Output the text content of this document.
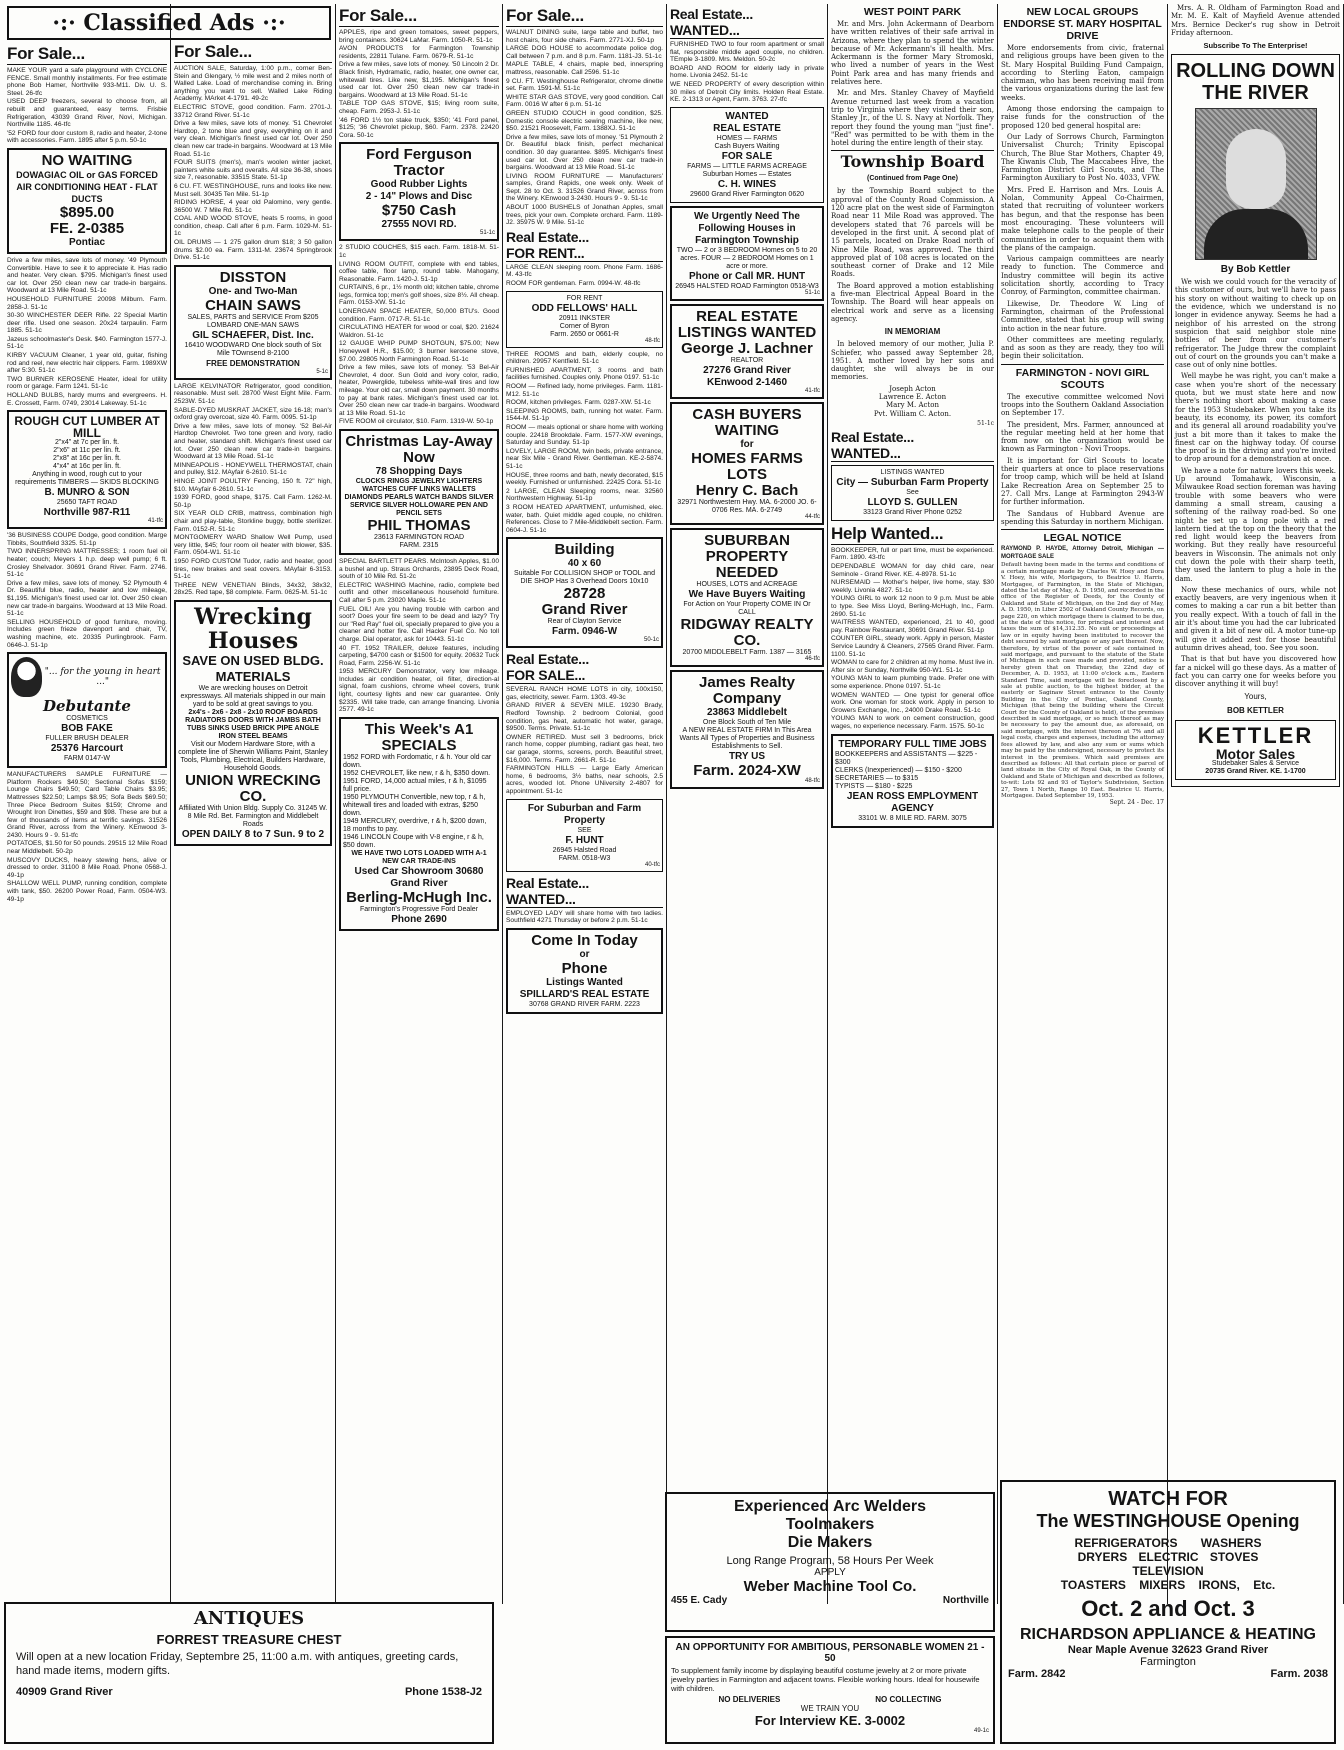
·:· Classified Ads ·:·
For Sale...

MAKE YOUR yard a safe playground with CYCLONE FENCE. Small monthly installments. For free estimate phone Bob Hamer, Northville 933-M11. Div. U. S. Steel. 26-tfc

USED DEEP freezers, several to choose from, all rebuilt and guaranteed, easy terms. Frisbie Refrigeration, 43039 Grand River, Novi, Michigan. Northville 1185. 46-tfc

'52 FORD four door custom 8, radio and heater, 2-tone with accessories. Farm. 1895 after 5 p.m. 50-1c

NO WAITING
DOWAGIAC OIL or GAS FORCED AIR CONDITIONING HEAT - FLAT DUCTS
$895.00
FE. 2-0385
Pontiac

Drive a few miles, save lots of money. '49 Plymouth Convertible. Have to see it to appreciate it. Has radio and heater. Very clean. $795. Michigan's finest used car lot. Over 250 clean new car trade-in bargains. Woodward at 13 Mile Road. 51-1c

HOUSEHOLD FURNITURE 20098 Milburn. Farm. 2858-J. 51-1c

30-30 WINCHESTER DEER Rifle. 22 Special Martin deer rifle. Used one season. 20x24 tarpaulin. Farm 1885. 51-1c

Jazeus schoolmaster's Desk. $40. Farmington 1577-J. 51-1c

KIRBY VACUUM Cleaner, 1 year old, guitar, fishing rod and reel, new electric hair clippers. Farm. 1989XW after 5:30. 51-1c

TWO BURNER KEROSENE Heater, ideal for utility room or garage. Farm 1241. 51-1c

HOLLAND BULBS, hardy mums and evergreens. H. E. Crossett, Farm. 0749, 23014 Lakeway. 51-1c

ROUGH CUT LUMBER AT MILL
2"x4" at 7c per lin. ft.
2"x6" at 11c per lin. ft.
2"x8" at 16c per lin. ft.
4"x4" at 16c per lin. ft.
Anything in wood, rough cut to your requirements TIMBERS — SKIDS BLOCKING
B. MUNRO & SON
25650 TAFT ROAD
Northville 987-R11
41-tfc

'36 BUSINESS COUPE Dodge, good condition. Marge Tibbits, Southfield 3325. 51-1p

TWO INNERSPRING MATTRESSES; 1 room fuel oil heater; couch; Meyers 1 h.p. deep well pump; 6 ft. Crosley Shelvador. 30691 Grand River. Farm. 2746. 51-1c

Drive a few miles, save lots of money. '52 Plymouth 4 Dr. Beautiful blue, radio, heater and low mileage, $1,195. Michigan's finest used car lot. Over 250 clean new car trade-in bargains. Woodward at 13 Mile Road. 51-1c

SELLING HOUSEHOLD of good furniture, moving. Includes green frieze davenport and chair, TV, washing machine, etc. 20335 Purlingbrook. Farm. 0646-J. 51-1p

"... for the young in heart ..."
Debutante
COSMETICS
BOB FAKE
FULLER BRUSH DEALER
25376 Harcourt
FARM 0147-W

MANUFACTURERS SAMPLE FURNITURE — Platform Rockers $49.50; Sectional Sofas $159; Lounge Chairs $49.50; Card Table Chairs $3.95; Mattresses $22.50; Lamps $8.95; Sofa Beds $69.50; Three Piece Bedroom Suites $159; Chrome and Wrought Iron Dinettes, $59 and $98. These are but a few of thousands of items at terrific savings. 31526 Grand River, across from the Winery. KEnwood 3-2430. Hours 9 - 9. 51-tfc

POTATOES, $1.50 for 50 pounds. 29515 12 Mile Road near Middlebelt. 50-2p

MUSCOVY DUCKS, heavy stewing hens, alive or dressed to order. 31100 8 Mile Road. Phone 0568-J. 49-1p

SHALLOW WELL PUMP, running condition, complete with tank, $50. 26200 Power Road, Farm. 0504-W3. 49-1p

For Sale...

AUCTION SALE, Saturday, 1:00 p.m., corner Ben-Stein and Glengary, ½ mile west and 2 miles north of Walled Lake. Load of merchandise coming in. Bring anything you want to sell. Walled Lake Riding Academy. MArket 4-1791. 49-2c

ELECTRIC STOVE, good condition. Farm. 2701-J. 33712 Grand River. 51-1c

Drive a few miles, save lots of money. '51 Chevrolet Hardtop, 2 tone blue and grey, everything on it and very clean. Michigan's finest used car lot. Over 250 clean new car trade-in bargains. Woodward at 13 Mile Road. 51-1c

FOUR SUITS (men's), man's woolen winter jacket, painters white suits and overalls. All size 36-38, shoes size 7, reasonable. 33515 State. 51-1p

6 CU. FT. WESTINGHOUSE, runs and looks like new. Must sell. 30435 Ten Mile. 51-1p

RIDING HORSE, 4 year old Palomino, very gentle. 36500 W. 7 Mile Rd. 51-1c

COAL AND WOOD STOVE, heats 5 rooms, in good condition, cheap. Call after 6 p.m. Farm. 1029-M. 51-1c

OIL DRUMS — 1 275 gallon drum $18; 3 50 gallon drums $2.00 ea. Farm. 1311-M. 23674 Springbrook Drive. 51-1c

DISSTON
One- and Two-Man
CHAIN SAWS
SALES, PARTS and SERVICE From $205
LOMBARD ONE-MAN SAWS
GIL SCHAEFER, Dist. Inc.
16410 WOODWARD One block south of Six Mile TOwnsend 8-2100
FREE DEMONSTRATION
5-1c

LARGE KELVINATOR Refrigerator, good condition, reasonable. Must sell. 28700 West Eight Mile. Farm. 2523W. 51-1c

SABLE-DYED MUSKRAT JACKET, size 16-18; man's oxford gray overcoat, size 40. Farm. 0095. 51-1p

Drive a few miles, save lots of money. '52 Bel-Air Hardtop Chevrolet. Two tone green and ivory, radio and heater, standard shift. Michigan's finest used car lot. Over 250 clean new car trade-in bargains. Woodward at 13 Mile Road. 51-1c

MINNEAPOLIS - HONEYWELL THERMOSTAT, chain and pulley, $12. MAyfair 6-2610. 51-1c

HINGE JOINT POULTRY Fencing, 150 ft. 72" high, $10. MAyfair 6-2610. 51-1c

1939 FORD, good shape, $175. Call Farm. 1262-M. 50-1p

SIX YEAR OLD CRIB, mattress, combination high chair and play-table, Storkline buggy, bottle sterilizer. Farm. 0152-R. 51-1c

MONTGOMERY WARD Shallow Well Pump, used very little, $45; four room oil heater with blower, $35. Farm. 0504-W1. 51-1c

1950 FORD CUSTOM Tudor, radio and heater, good tires, new brakes and seat covers. MAyfair 6-3153. 51-1c

THREE NEW VENETIAN Blinds, 34x32, 38x32, 28x25. Red tape, $8 complete. Farm. 0625-M. 51-1c

Wrecking Houses
SAVE ON USED BLDG. MATERIALS
We are wrecking houses on Detroit expressways. All materials shipped in our main yard to be sold at great savings to you.
2x4's - 2x6 - 2x8 - 2x10 ROOF BOARDS RADIATORS DOORS WITH JAMBS BATH TUBS SINKS USED BRICK PIPE ANGLE IRON STEEL BEAMS
Visit our Modern Hardware Store, with a complete line of Sherwin Williams Paint, Stanley Tools, Plumbing, Electrical, Builders Hardware, Household Goods.
UNION WRECKING CO.
Affiliated With Union Bldg. Supply Co. 31245 W. 8 Mile Rd. Bet. Farmington and Middlebelt Roads
OPEN DAILY 8 to 7 Sun. 9 to 2
For Sale...

APPLES, ripe and green tomatoes, sweet peppers, bring containers. 30624 LaMar. Farm. 1050-R. 51-1c

AVON PRODUCTS for Farmington Township residents, 22811 Tulane. Farm. 0679-R. 51-1c

Drive a few miles, save lots of money. '50 Lincoln 2 Dr. Black finish, Hydramatic, radio, heater, one owner car, whitewall tires. Like new, $1,195. Michigan's finest used car lot. Over 250 clean new car trade-in bargains. Woodward at 13 Mile Road. 51-1c

TABLE TOP GAS STOVE, $15; living room suite, cheap. Farm. 2953-J. 51-1c

'46 FORD 1½ ton stake truck, $350; '41 Ford panel, $125; '36 Chevrolet pickup, $60. Farm. 2378. 22420 Cora. 50-1c

Ford Ferguson Tractor
Good Rubber Lights
2 - 14" Plows and Disc
$750 Cash
27555 NOVI RD.
51-1c

2 STUDIO COUCHES, $15 each. Farm. 1818-M. 51-1c

LIVING ROOM OUTFIT, complete with end tables, coffee table, floor lamp, round table. Mahogany, Reasonable. Farm. 1420-J. 51-1p

CURTAINS, 6 pr., 1½ month old; kitchen table, chrome legs, formica top; men's golf shoes, size 8½. All cheap. Farm. 0153-XW. 51-1c

LONERGAN SPACE HEATER, 50,000 BTU's. Good condition. Farm. 0717-R. 51-1c

CIRCULATING HEATER for wood or coal, $20. 21624 Waldron. 51-1c

12 GAUGE WHIP PUMP SHOTGUN, $75.00; New Honeywell H.R., $15.00; 3 burner kerosene stove, $7.00. 29805 North Farmington Road. 51-1c

Drive a few miles, save lots of money. '53 Bel-Air Chevrolet, 4 door. Sun Gold and ivory color, radio, heater, Powerglide, tubeless white-wall tires and low mileage. Your old car, small down payment. 30 months to pay at bank rates. Michigan's finest used car lot. Over 250 clean new car trade-in bargains. Woodward at 13 Mile Road. 51-1c

FIVE ROOM oil circulator, $10. Farm. 1319-W. 50-1p

Christmas Lay-Away Now
78 Shopping Days
CLOCKS RINGS JEWELRY LIGHTERS WATCHES CUFF LINKS WALLETS DIAMONDS PEARLS WATCH BANDS SILVER SERVICE SILVER HOLLOWARE PEN AND PENCIL SETS
PHIL THOMAS
23613 FARMINGTON ROAD
FARM. 2315

SPECIAL BARTLETT PEARS. McIntosh Apples, $1.00 a bushel and up. Straus Orchards, 23895 Deck Road, south of 10 Mile Rd. 51-2c

ELECTRIC WASHING Machine, radio, complete bed outfit and other miscellaneous household furniture. Call after 5 p.m. 23020 Maple. 51-1c

FUEL OIL! Are you having trouble with carbon and soot? Does your fire seem to be dead and lazy? Try our "Red Ray" fuel oil, specially prepared to give you a cleaner and hotter fire. Call Hacker Fuel Co. No toll charge. Dial operator, ask for 10443. 51-1c

40 FT. 1952 TRAILER, deluxe features, including carpeting, $4700 cash or $1500 for equity. 20632 Tuck Road, Farm. 2256-W. 51-1c

1953 MERCURY Demonstrator, very low mileage. Includes air condition heater, oil filter, direction-al signal, foam cushions, chrome wheel covers, trunk light, courtesy lights and new car guarantee. Only $2335. Will take trade, can arrange financing. Livonia 2577. 49-1c

This Week's A1 SPECIALS
1952 FORD with Fordomatic, r & h. Your old car down.
1952 CHEVROLET, like new, r & h, $350 down.
1951 FORD, 14,000 actual miles, r & h, $1095 full price.
1950 PLYMOUTH Convertible, new top, r & h, whitewall tires and loaded with extras, $250 down.
1949 MERCURY, overdrive, r & h, $200 down, 18 months to pay.
1946 LINCOLN Coupe with V-8 engine, r & h, $50 down.
WE HAVE TWO LOTS LOADED WITH A-1 NEW CAR TRADE-INS
Used Car Showroom 30680 Grand River
Berling-McHugh Inc.
Farmington's Progressive Ford Dealer
Phone 2690
For Sale...

WALNUT DINING suite, large table and buffet, two host chairs, four side chairs. Farm. 2771-XJ. 50-1p

LARGE DOG HOUSE to accommodate police dog. Call between 7 p.m. and 8 p.m. Farm. 1181-J3. 51-1c

MAPLE TABLE, 4 chairs, maple bed, innerspring mattress, reasonable. Call 2596. 51-1c

9 CU. FT. Westinghouse Refrigerator, chrome dinette set. Farm. 1591-M. 51-1c

WHITE STAR GAS STOVE, very good condition. Call Farm. 0016 W after 6 p.m. 51-1c

GREEN STUDIO COUCH in good condition, $25. Domestic console electric sewing machine, like new, $50. 21521 Roosevelt, Farm. 1388XJ. 51-1c

Drive a few miles, save lots of money. '51 Plymouth 2 Dr. Beautiful black finish, perfect mechanical condition. 30 day guarantee. $895. Michigan's finest used car lot. Over 250 clean new car trade-in bargains. Woodward at 13 Mile Road. 51-1c

LIVING ROOM FURNITURE — Manufacturers' samples, Grand Rapids, one week only. Week of Sept. 28 to Oct. 3. 31526 Grand River, across from the Winery. KEnwood 3-2430. Hours 9 - 9. 51-1c

ABOUT 1000 BUSHELS of Jonathan Apples, small trees, pick your own. Complete orchard. Farm. 1189-J2. 35975 W. 9 Mile. 51-1c

Real Estate...
FOR RENT...

LARGE CLEAN sleeping room. Phone Farm. 1686-M. 43-tfc

ROOM FOR gentleman. Farm. 0994-W. 48-tfc

FOR RENT
ODD FELLOWS' HALL
20911 INKSTER
Corner of Byron
Farm. 2650 or 0661-R
48-tfc

THREE ROOMS and bath, elderly couple, no children. 29957 Kentfield. 51-1c

FURNISHED APARTMENT, 3 rooms and bath facilities furnished. Couples only. Phone 0197. 51-1c

ROOM — Refined lady, home privileges. Farm. 1181-M12. 51-1c

ROOM, kitchen privileges. Farm. 0287-XW. 51-1c

SLEEPING ROOMS, bath, running hot water. Farm. 1544-M. 51-1p

ROOM — meals optional or share home with working couple. 22418 Brookdale. Farm. 1577-XW evenings, Saturday and Sunday. 51-1p

LOVELY, LARGE ROOM, twin beds, private entrance, near Six Mile - Grand River. Gentleman. KE-2-5874. 51-1c

HOUSE, three rooms and bath, newly decorated, $15 weekly. Furnished or unfurnished. 22425 Cora. 51-1c

2 LARGE, CLEAN Sleeping rooms, near. 32560 Northwestern Highway. 51-1p

3 ROOM HEATED APARTMENT, unfurnished, elec. water, bath. Quiet middle aged couple, no children. References. Close to 7 Mile-Middlebelt section. Farm. 0604-J. 51-1c

Building
40 x 60
Suitable For COLLISION SHOP or TOOL and DIE SHOP Has 3 Overhead Doors 10x10
28728
Grand River
Rear of Clayton Service
Farm. 0946-W
50-1c
Real Estate...
FOR SALE...

SEVERAL RANCH HOME LOTS in city, 100x150, gas, electricity, sewer. Farm. 1303. 49-3c

GRAND RIVER & SEVEN MILE. 19230 Brady, Redford Township. 2 bedroom Colonial, good condition, gas heat, automatic hot water, garage, $9500. Terms. Private. 51-1c

OWNER RETIRED. Must sell 3 bedrooms, brick ranch home, copper plumbing, radiant gas heat, two car garage, storms, screens, porch. Beautiful street, $16,000. Terms. Farm. 2661-R. 51-1c

FARMINGTON HILLS — Large Early American home, 6 bedrooms, 3½ baths, near schools, 2.5 acres, wooded lot. Phone UNiversity 2-4807 for appointment. 51-1c

For Suburban and Farm Property
SEE
F. HUNT
26945 Halsted Road
FARM. 0518-W3
40-tfc
Real Estate...
WANTED...

EMPLOYED LADY will share home with two ladies. Southfield 4271 Thursday or before 2 p.m. 51-1c

Come In Today
or
Phone
Listings Wanted
SPILLARD'S REAL ESTATE
30768 GRAND RIVER FARM. 2223
Real Estate...
WANTED...

FURNISHED TWO to four room apartment or small flat, responsible middle aged couple, no children. TEmple 3-1809. Mrs. Meldon. 50-2c

BOARD AND ROOM for elderly lady in private home. Livonia 2452. 51-1c

WE NEED PROPERTY of every description within 30 miles of Detroit City limits. Holden Real Estate. KE. 2-1313 or Agent, Farm. 3763. 27-tfc

WANTED
REAL ESTATE
HOMES — FARMS
Cash Buyers Waiting
FOR SALE
FARMS — LITTLE FARMS ACREAGE
Suburban Homes — Estates
C. H. WINES
29600 Grand River Farmington 0620
We Urgently Need The Following Houses in Farmington Township
TWO — 2 or 3 BEDROOM Homes on 5 to 20 acres. FOUR — 2 BEDROOM Homes on 1 acre or more.
Phone or Call MR. HUNT
26945 HALSTED ROAD Farmington 0518-W3
51-1c
REAL ESTATE LISTINGS WANTED
George J. Lachner
REALTOR
27276 Grand River
KEnwood 2-1460
41-tfc
CASH BUYERS WAITING
for
HOMES FARMS LOTS
Henry C. Bach
32971 Northwestern Hwy. MA. 6-2000 JO. 6-0706 Res. MA. 6-2749
44-tfc
SUBURBAN PROPERTY NEEDED
HOUSES, LOTS and ACREAGE
We Have Buyers Waiting
For Action on Your Property COME IN Or CALL
RIDGWAY REALTY CO.
20700 MIDDLEBELT Farm. 1387 — 3165
46-tfc
James Realty Company
23863 Middlebelt
One Block South of Ten Mile
A NEW REAL ESTATE FIRM In This Area
Wants All Types of Properties and Business Establishments to Sell.
TRY US
Farm. 2024-XW
48-tfc
WEST POINT PARK

Mr. and Mrs. John Ackermann of Dearborn have written relatives of their safe arrival in Arizona, where they plan to spend the winter because of Mr. Ackermann's ill health. Mrs. Ackermann is the former Mary Stromoski, who lived a number of years in the West Point Park area and has many friends and relatives here.

Mr. and Mrs. Stanley Chavey of Mayfield Avenue returned last week from a vacation trip to Virginia where they visited their son, Stanley Jr., of the U. S. Navy at Norfolk. They report they found the young man "just fine". "Red" was permitted to be with them in the hotel during the entire length of their stay.

Township Board
(Continued from Page One)

by the Township Board subject to the approval of the County Road Commission. A 120 acre plat on the west side of Farmington Road near 11 Mile Road was approved. The developers stated that 76 parcels will be developed in the first unit. A second plat of 15 parcels, located on Drake Road north of Nine Mile Road, was approved. The third approved plat of 108 acres is located on the southeast corner of Drake and 12 Mile Roads.

The Board approved a motion establishing a five-man Electrical Appeal Board in the Township. The Board will hear appeals on electrical work and serve as a licensing agency.

IN MEMORIAM

In beloved memory of our mother, Julia P. Schiefer, who passed away September 28, 1951. A mother loved by her sons and daughter, she will always be in our memories.

Joseph Acton
Lawrence E. Acton
Mary M. Acton
Pvt. William C. Acton.

51-1c
Real Estate...
WANTED...
LISTINGS WANTED
City — Suburban Farm Property
See
LLOYD S. GULLEN
33123 Grand River Phone 0252
Help Wanted...

BOOKKEEPER, full or part time, must be experienced. Farm. 1890. 43-tfc

DEPENDABLE WOMAN for day child care, near Seminole - Grand River. KE. 4-8978. 51-1c

NURSEMAID — Mother's helper, live home, stay. $30 weekly. Livonia 4827. 51-1c

YOUNG GIRL to work 12 noon to 9 p.m. Must be able to type. See Miss Lloyd, Berling-McHugh, Inc., Farm. 2690. 51-1c

WAITRESS WANTED, experienced, 21 to 40, good pay. Rainbow Restaurant, 30691 Grand River. 51-1p

COUNTER GIRL, steady work. Apply in person, Master Service Laundry & Cleaners, 27565 Grand River. Farm. 1100. 51-1c

WOMAN to care for 2 children at my home. Must live in. After six or Sunday, Northville 950-W1. 51-1c

YOUNG MAN to learn plumbing trade. Prefer one with some experience. Phone 0197. 51-1c

WOMEN WANTED — One typist for general office work. One woman for stock work. Apply in person to Growers Exchange, Inc., 24000 Drake Road. 51-1c

YOUNG MAN to work on cement construction, good wages, no experience necessary. Farm. 1575. 50-1c

TEMPORARY FULL TIME JOBS
BOOKKEEPERS and ASSISTANTS — $225 - $300
CLERKS (Inexperienced) — $150 - $200
SECRETARIES — to $315
TYPISTS — $180 - $225
JEAN ROSS EMPLOYMENT AGENCY
33101 W. 8 MILE RD. FARM. 3075
NEW LOCAL GROUPS ENDORSE ST. MARY HOSPITAL DRIVE

More endorsements from civic, fraternal and religious groups have been given to the St. Mary Hospital Building Fund Campaign, according to Sterling Eaton, campaign chairman, who has been receiving mail from the various organizations during the last few weeks.

Among those endorsing the campaign to raise funds for the construction of the proposed 120 bed general hospital are:

Our Lady of Sorrows Church, Farmington Universalist Church; Trinity Episcopal Church, The Blue Star Mothers, Chapter 49, The Kiwanis Club, The Maccabees Hive, the Farmington District Girl Scouts, and The Farmington Auxiliary to Post No. 4033, VFW.

Mrs. Fred E. Harrison and Mrs. Louis A. Nolan, Community Appeal Co-Chairmen, stated that recruiting of volunteer workers has begun, and that the response has been most encouraging. These volunteers will make telephone calls to the people of their communities in order to acquaint them with the plans of the campaign.

Various campaign committees are nearly ready to function. The Commerce and Industry committee will begin its active solicitation shortly, according to Tracy Conroy, of Farmington, committee chairman.

Likewise, Dr. Theodore W. Ling of Farmington, chairman of the Professional Committee, stated that his group will swing into action in the near future.

Other committees are meeting regularly, and as soon as they are ready, they too will begin their solicitation.

FARMINGTON - NOVI GIRL SCOUTS

The executive committee welcomed Novi troops into the Southern Oakland Association on September 17.

The president, Mrs. Farmer, announced at the regular meeting held at her home that from now on the organization would be known as Farmington - Novi Troops.

It is important for Girl Scouts to locate their quarters at once to place reservations for troop camp, which will be held at Island Lake Recreation Area on September 25 to 27. Call Mrs. Lange at Farmington 2943-W for further information.

The Sandaus of Hubbard Avenue are spending this Saturday in northern Michigan.

LEGAL NOTICE

RAYMOND P. HAYDE, Attorney Detroit, Michigan — MORTGAGE SALE

Default having been made in the terms and conditions of a certain mortgage made by Charles W. Hoey and Dora V. Hoey, his wife, Mortgagors, to Beatrice U. Harris, Mortgagee, of Farmington, in the State of Michigan, dated the 1st day of May, A. D. 1950, and recorded in the office of the Register of Deeds, for the County of Oakland and State of Michigan, on the 2nd day of May, A. D. 1950, in Liber 2502 of Oakland County Records, on page 220, on which mortgage there is claimed to be due, at the date of this notice, for principal and interest and taxes the sum of $14,312.35. No suit or proceedings at law or in equity having been instituted to recover the debt secured by said mortgage or any part thereof. Now, therefore, by virtue of the power of sale contained in said mortgage, and pursuant to the statute of the State of Michigan in such case made and provided, notice is hereby given that on Thursday, the 22nd day of December, A. D. 1953, at 11:00 o'clock a.m., Eastern Standard Time, said mortgage will be foreclosed by a sale at public auction, to the highest bidder, at the easterly or Saginaw Street entrance to the County Building in the City of Pontiac, Oakland County, Michigan (that being the building where the Circuit Court for the County of Oakland is held), of the premises described in said mortgage, or so much thereof as may be necessary to pay the amount due, as aforesaid, on said mortgage, with the interest thereon at 7% and all legal costs, charges and expenses, including the attorney fees allowed by law, and also any sum or sums which may be paid by the undersigned, necessary to protect its interest in the premises. Which said premises are described as follows: All that certain piece or parcel of land situate in the City of Royal Oak, in the County of Oakland and State of Michigan and described as follows, to-wit: Lots 92 and 93 of Taylor's Subdivision, Section 27, Town 1 North, Range 10 East. Beatrice U. Harris, Mortgagee. Dated September 19, 1953.

Sept. 24 - Dec. 17

Mrs. A. R. Oldham of Farmington Road and Mr. M. E. Kalt of Mayfield Avenue attended Mrs. Bernice Decker's rug show in Detroit Friday afternoon.

Subscribe To The Enterprise!
ROLLING DOWN THE RIVER
By Bob Kettler

We wish we could vouch for the veracity of this customer of ours, but we'll have to pass his story on without waiting to check up on the evidence, which we understand is no longer in evidence anyway. Seems he had a neighbor of his arrested on the strong suspicion that said neighbor stole nine bottles of beer from our customer's refrigerator. The Judge threw the complaint out of court on the grounds you can't make a case out of only nine bottles.

Well maybe he was right, you can't make a case when you're short of the necessary quota, but we must state here and now there's nothing short about making a case for the 1953 Studebaker. When you take its beauty, its economy, its power, its comfort and its general all around roadability you've just a bit more than it takes to make the finest car on the highway today. Of course the proof is in the driving and you're invited to drop around for a demonstration at once.

We have a note for nature lovers this week. Up around Tomahawk, Wisconsin, a Milwaukee Road section foreman was having trouble with some beavers who were damming a small stream, causing a softening of the railway road-bed. So one night he set up a long pole with a red lantern tied at the top on the theory that the red light would keep the beavers from working. But they really have resourceful beavers in Wisconsin. The animals not only cut down the pole with their sharp teeth, they used the lantern to plug a hole in the dam.

Now these mechanics of ours, while not exactly beavers, are very ingenious when it comes to making a car run a bit better than you really expect. With a touch of fall in the air it's about time you had the car lubricated and given it a bit of new oil. A motor tune-up will give it added zest for those beautiful autumn drives ahead, too. See you soon.

That is that but have you discovered how far a nickel will go these days. As a matter of fact you can carry one for weeks before you discover anything it will buy!

Yours,
BOB KETTLER
KETTLER
Motor Sales
Studebaker Sales & Service
20735 Grand River. KE. 1-1700
ANTIQUES
FORREST TREASURE CHEST
Will open at a new location Friday, Septembre 25, 11:00 a.m. with antiques, greeting cards, hand made items, modern gifts.
40909 Grand River	Phone 1538-J2
Experienced Arc Welders
Toolmakers
Die Makers
Long Range Program, 58 Hours Per Week
APPLY
Weber Machine Tool Co.
455 E. Cady	Northville
AN OPPORTUNITY FOR AMBITIOUS, PERSONABLE WOMEN 21 - 50
To supplement family income by displaying beautiful costume jewelry at 2 or more private jewelry parties in Farmington and adjacent towns. Flexible working hours. Ideal for housewife with children.
NO DELIVERIES	NO COLLECTING
WE TRAIN YOU
For Interview KE. 3-0002
49-1c
WATCH FOR
The WESTINGHOUSE Opening
REFRIGERATORS WASHERS
DRYERS ELECTRIC STOVES
TELEVISION
TOASTERS MIXERS IRONS, Etc.
Oct. 2 and Oct. 3
RICHARDSON APPLIANCE & HEATING
Near Maple Avenue 32623 Grand River
Farmington
Farm. 2842	Farm. 2038
